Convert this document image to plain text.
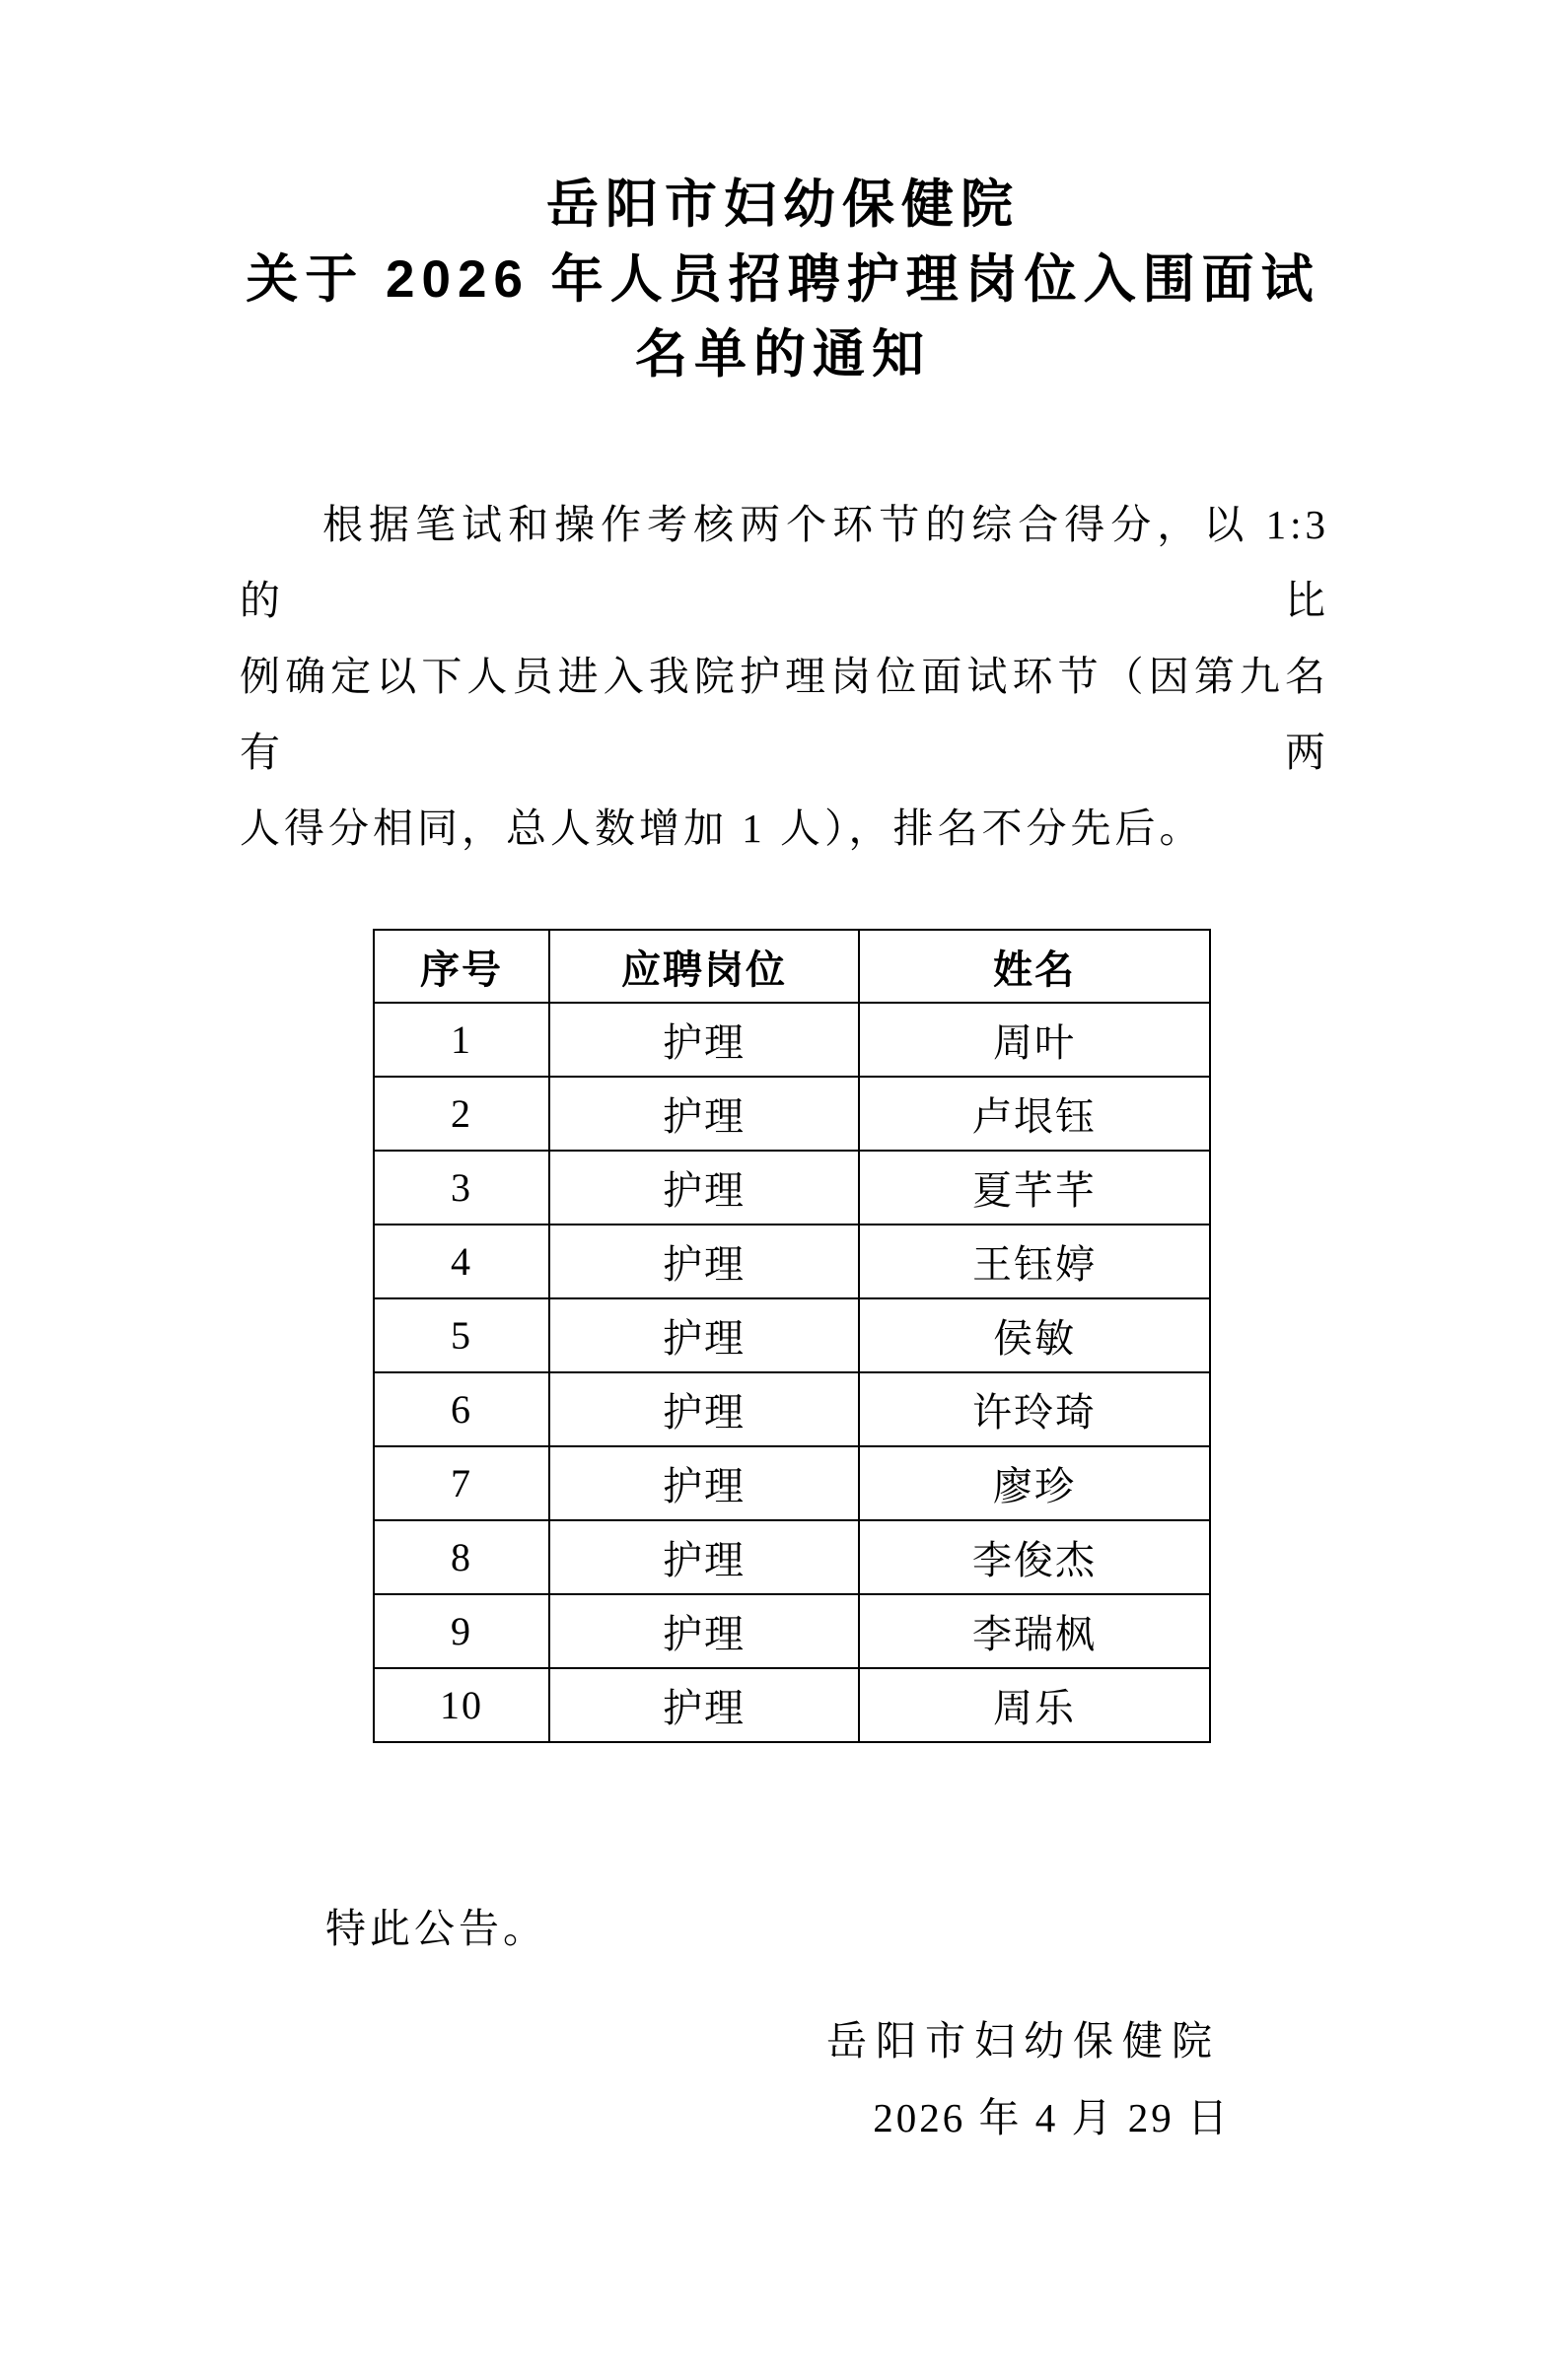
岳阳市妇幼保健院
关于 2026 年人员招聘护理岗位入围面试
名单的通知
根据笔试和操作考核两个环节的综合得分，以 1:3 的比
例确定以下人员进入我院护理岗位面试环节（因第九名有两
人得分相同，总人数增加 1 人），排名不分先后。
序号	应聘岗位	姓名
1	护理	周叶
2	护理	卢垠钰
3	护理	夏芊芊
4	护理	王钰婷
5	护理	侯敏
6	护理	许玲琦
7	护理	廖珍
8	护理	李俊杰
9	护理	李瑞枫
10	护理	周乐
特此公告。
岳阳市妇幼保健院
2026 年 4 月 29 日
